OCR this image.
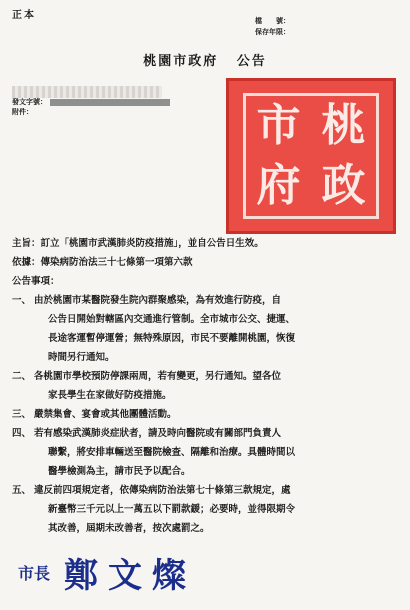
正本	檔　　號：
保存年限：
桃園市政府 公告
發文字號：
附件：	市 桃
府 政
主旨：訂立「桃園市武漢肺炎防疫措施」，並自公告日生效。
依據：傳染病防治法三十七條第一項第六款
公告事項：
一、 由於桃園市某醫院發生院內群聚感染，為有效進行防疫，自
公告日開始對轄區內交通進行管制。全市城市公交、捷運、
長途客運暫停運營；無特殊原因，市民不要離開桃園，恢復
時間另行通知。
二、 各桃園市學校預防停課兩周，若有變更，另行通知。望各位
家長學生在家做好防疫措施。
三、 嚴禁集會、宴會或其他團體活動。
四、 若有感染武漢肺炎症狀者，請及時向醫院或有關部門負責人
聯繫，將安排車輛送至醫院檢查、隔離和治療。具體時間以
醫學檢測為主，請市民予以配合。
五、 違反前四項規定者，依傳染病防治法第七十條第三款規定，處
新臺幣三千元以上一萬五以下罰款鍰；必要時，並得限期令
其改善，屆期未改善者，按次處罰之。
市長 鄭文燦
